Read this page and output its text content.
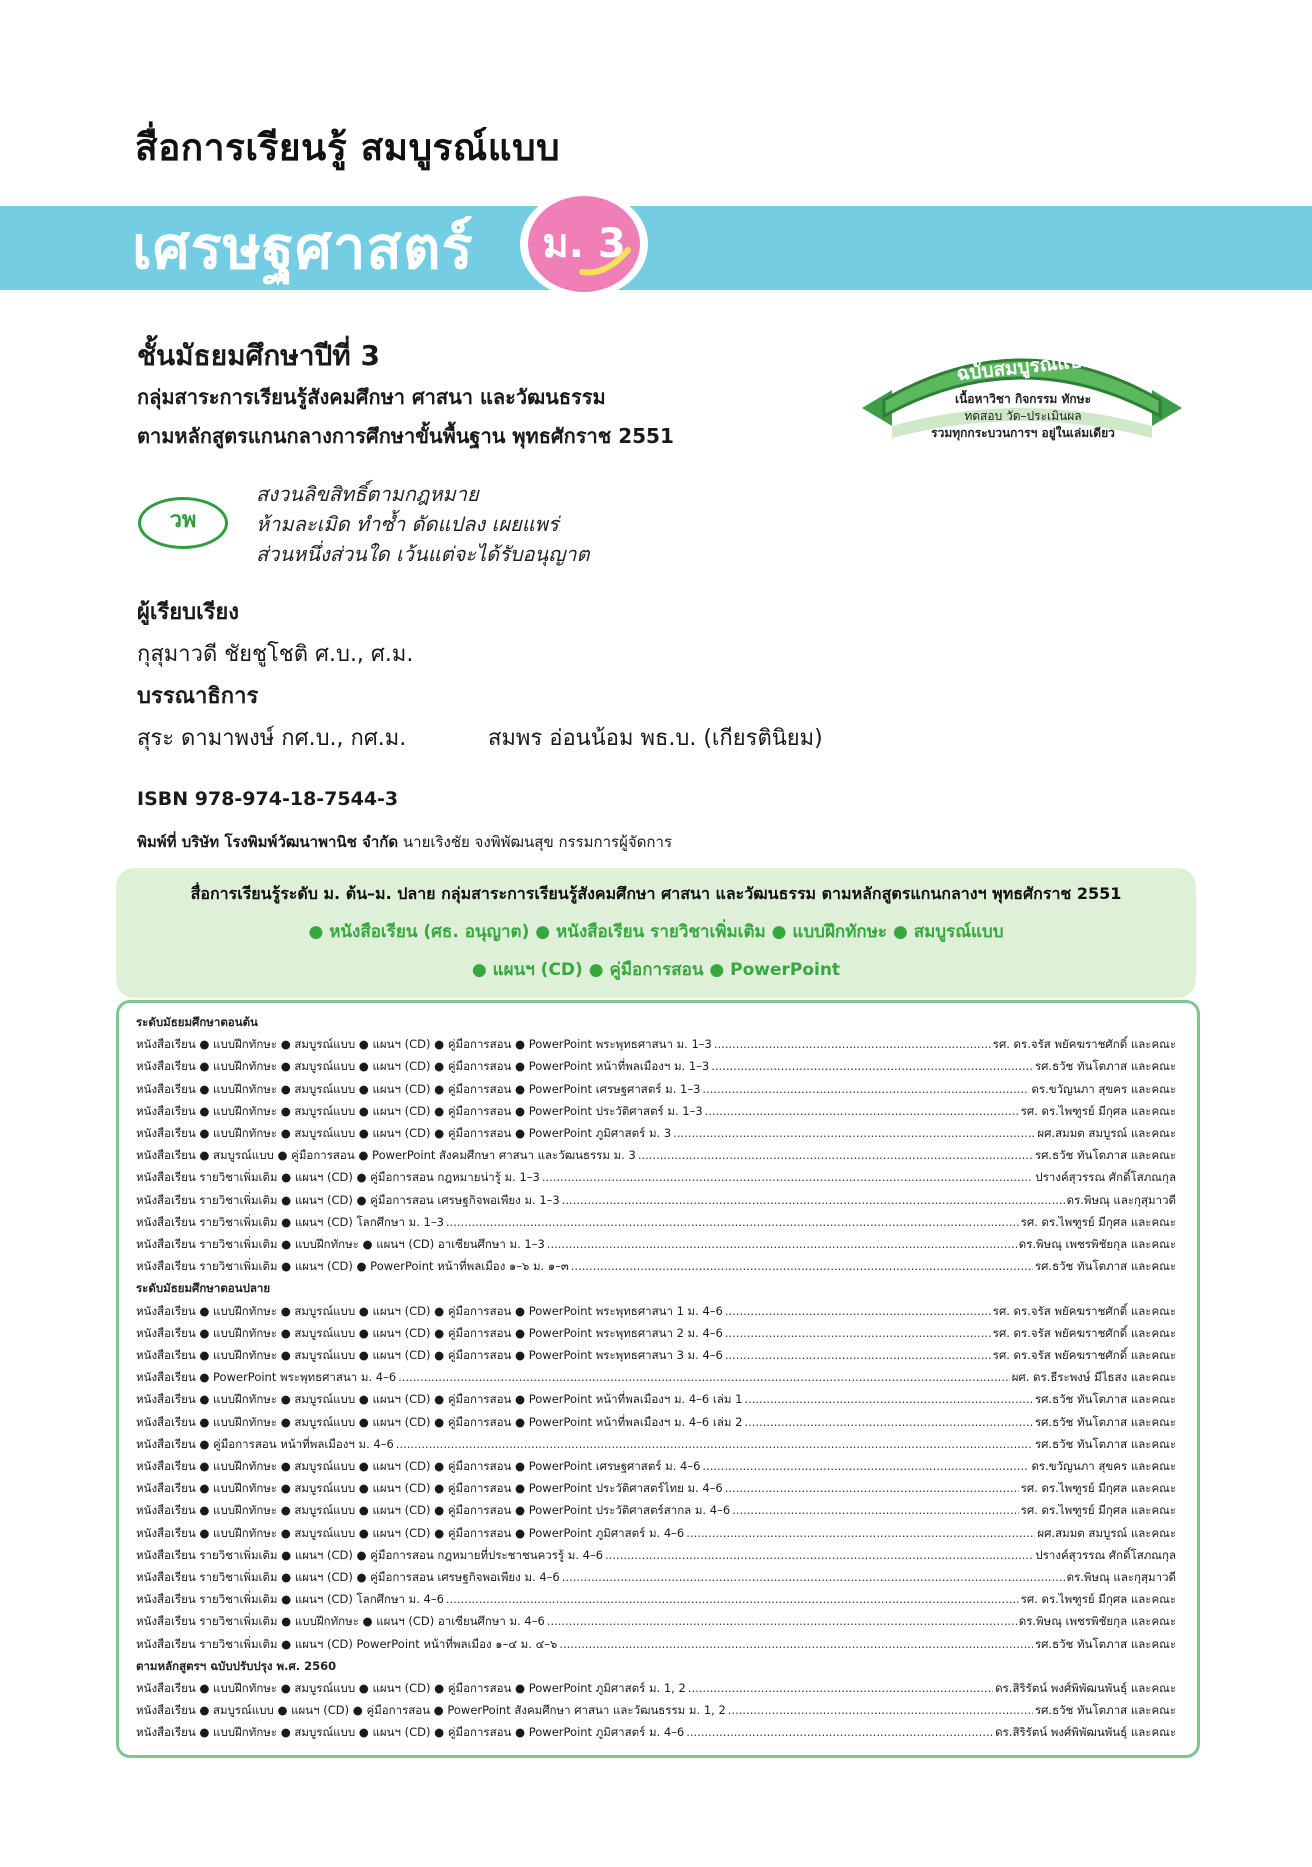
สื่อการเรียนรู้ สมบูรณ์แบบ
เศรษฐศาสตร์	ม. 3
ชั้นมัธยมศึกษาปีที่ 3
กลุ่มสาระการเรียนรู้สังคมศึกษา ศาสนา และวัฒนธรรม
ตามหลักสูตรแกนกลางการศึกษาขั้นพื้นฐาน พุทธศักราช 2551
ฉบับสมบูรณ์แบบ
เนื้อหาวิชา กิจกรรม ทักษะ
ทดสอบ วัด–ประเมินผล
รวมทุกกระบวนการฯ อยู่ในเล่มเดียว
วพ
สงวนลิขสิทธิ์ตามกฎหมาย
ห้ามละเมิด ทำซ้ำ ดัดแปลง เผยแพร่
ส่วนหนึ่งส่วนใด เว้นแต่จะได้รับอนุญาต
ผู้เรียบเรียง
กุสุมาวดี ชัยชูโชติ ศ.บ., ศ.ม.
บรรณาธิการ
สุระ ดามาพงษ์ กศ.บ., กศ.ม.	สมพร อ่อนน้อม พธ.บ. (เกียรตินิยม)
ISBN 978-974-18-7544-3
พิมพ์ที่ บริษัท โรงพิมพ์วัฒนาพานิช จำกัด นายเริงชัย จงพิพัฒนสุข กรรมการผู้จัดการ
สื่อการเรียนรู้ระดับ ม. ต้น–ม. ปลาย กลุ่มสาระการเรียนรู้สังคมศึกษา ศาสนา และวัฒนธรรม ตามหลักสูตรแกนกลางฯ พุทธศักราช 2551
● หนังสือเรียน (ศธ. อนุญาต) ● หนังสือเรียน รายวิชาเพิ่มเติม ● แบบฝึกทักษะ ● สมบูรณ์แบบ
● แผนฯ (CD) ● คู่มือการสอน ● PowerPoint
ระดับมัธยมศึกษาตอนต้น
หนังสือเรียน ● แบบฝึกทักษะ ● สมบูรณ์แบบ ● แผนฯ (CD) ● คู่มือการสอน ● PowerPoint พระพุทธศาสนา ม. 1–3 .....	รศ. ดร.จรัส พยัคฆราชศักดิ์ และคณะ
หนังสือเรียน ● แบบฝึกทักษะ ● สมบูรณ์แบบ ● แผนฯ (CD) ● คู่มือการสอน ● PowerPoint หน้าที่พลเมืองฯ ม. 1–3 .....	รศ.ธวัช ทันโตภาส และคณะ
หนังสือเรียน ● แบบฝึกทักษะ ● สมบูรณ์แบบ ● แผนฯ (CD) ● คู่มือการสอน ● PowerPoint เศรษฐศาสตร์ ม. 1–3 .....	ดร.ขวัญนภา สุขคร และคณะ
หนังสือเรียน ● แบบฝึกทักษะ ● สมบูรณ์แบบ ● แผนฯ (CD) ● คู่มือการสอน ● PowerPoint ประวัติศาสตร์ ม. 1–3 .....	รศ. ดร.ไพฑูรย์ มีกุศล และคณะ
หนังสือเรียน ● แบบฝึกทักษะ ● สมบูรณ์แบบ ● แผนฯ (CD) ● คู่มือการสอน ● PowerPoint ภูมิศาสตร์ ม. 3 .....	ผศ.สมมต สมบูรณ์ และคณะ
หนังสือเรียน ● สมบูรณ์แบบ ● คู่มือการสอน ● PowerPoint สังคมศึกษา ศาสนา และวัฒนธรรม ม. 3 .....	รศ.ธวัช ทันโตภาส และคณะ
หนังสือเรียน รายวิชาเพิ่มเติม ● แผนฯ (CD) ● คู่มือการสอน กฎหมายน่ารู้ ม. 1–3 .....	ปรางค์สุวรรณ ศักดิ์โสภณกุล
หนังสือเรียน รายวิชาเพิ่มเติม ● แผนฯ (CD) ● คู่มือการสอน เศรษฐกิจพอเพียง ม. 1–3 .....	ดร.พิษณุ และกุสุมาวดี
หนังสือเรียน รายวิชาเพิ่มเติม ● แผนฯ (CD) โลกศึกษา ม. 1–3 .....	รศ. ดร.ไพฑูรย์ มีกุศล และคณะ
หนังสือเรียน รายวิชาเพิ่มเติม ● แบบฝึกทักษะ ● แผนฯ (CD) อาเซียนศึกษา ม. 1–3 .....	ดร.พิษณุ เพชรพิชัยกุล และคณะ
หนังสือเรียน รายวิชาเพิ่มเติม ● แผนฯ (CD) ● PowerPoint หน้าที่พลเมือง ๑–๖ ม. ๑–๓ .....	รศ.ธวัช ทันโตภาส และคณะ
ระดับมัธยมศึกษาตอนปลาย
หนังสือเรียน ● แบบฝึกทักษะ ● สมบูรณ์แบบ ● แผนฯ (CD) ● คู่มือการสอน ● PowerPoint พระพุทธศาสนา 1 ม. 4–6 .....	รศ. ดร.จรัส พยัคฆราชศักดิ์ และคณะ
หนังสือเรียน ● แบบฝึกทักษะ ● สมบูรณ์แบบ ● แผนฯ (CD) ● คู่มือการสอน ● PowerPoint พระพุทธศาสนา 2 ม. 4–6 .....	รศ. ดร.จรัส พยัคฆราชศักดิ์ และคณะ
หนังสือเรียน ● แบบฝึกทักษะ ● สมบูรณ์แบบ ● แผนฯ (CD) ● คู่มือการสอน ● PowerPoint พระพุทธศาสนา 3 ม. 4–6 .....	รศ. ดร.จรัส พยัคฆราชศักดิ์ และคณะ
หนังสือเรียน ● PowerPoint พระพุทธศาสนา ม. 4–6 .....	ผศ. ดร.ธีระพงษ์ มีไธสง และคณะ
หนังสือเรียน ● แบบฝึกทักษะ ● สมบูรณ์แบบ ● แผนฯ (CD) ● คู่มือการสอน ● PowerPoint หน้าที่พลเมืองฯ ม. 4–6 เล่ม 1 .....	รศ.ธวัช ทันโตภาส และคณะ
หนังสือเรียน ● แบบฝึกทักษะ ● สมบูรณ์แบบ ● แผนฯ (CD) ● คู่มือการสอน ● PowerPoint หน้าที่พลเมืองฯ ม. 4–6 เล่ม 2 .....	รศ.ธวัช ทันโตภาส และคณะ
หนังสือเรียน ● คู่มือการสอน หน้าที่พลเมืองฯ ม. 4–6 .....	รศ.ธวัช ทันโตภาส และคณะ
หนังสือเรียน ● แบบฝึกทักษะ ● สมบูรณ์แบบ ● แผนฯ (CD) ● คู่มือการสอน ● PowerPoint เศรษฐศาสตร์ ม. 4–6 .....	ดร.ขวัญนภา สุขคร และคณะ
หนังสือเรียน ● แบบฝึกทักษะ ● สมบูรณ์แบบ ● แผนฯ (CD) ● คู่มือการสอน ● PowerPoint ประวัติศาสตร์ไทย ม. 4–6 .....	รศ. ดร.ไพฑูรย์ มีกุศล และคณะ
หนังสือเรียน ● แบบฝึกทักษะ ● สมบูรณ์แบบ ● แผนฯ (CD) ● คู่มือการสอน ● PowerPoint ประวัติศาสตร์สากล ม. 4–6 .....	รศ. ดร.ไพฑูรย์ มีกุศล และคณะ
หนังสือเรียน ● แบบฝึกทักษะ ● สมบูรณ์แบบ ● แผนฯ (CD) ● คู่มือการสอน ● PowerPoint ภูมิศาสตร์ ม. 4–6 .....	ผศ.สมมต สมบูรณ์ และคณะ
หนังสือเรียน รายวิชาเพิ่มเติม ● แผนฯ (CD) ● คู่มือการสอน กฎหมายที่ประชาชนควรรู้ ม. 4–6 .....	ปรางค์สุวรรณ ศักดิ์โสภณกุล
หนังสือเรียน รายวิชาเพิ่มเติม ● แผนฯ (CD) ● คู่มือการสอน เศรษฐกิจพอเพียง ม. 4–6 .....	ดร.พิษณุ และกุสุมาวดี
หนังสือเรียน รายวิชาเพิ่มเติม ● แผนฯ (CD) โลกศึกษา ม. 4–6 .....	รศ. ดร.ไพฑูรย์ มีกุศล และคณะ
หนังสือเรียน รายวิชาเพิ่มเติม ● แบบฝึกทักษะ ● แผนฯ (CD) อาเซียนศึกษา ม. 4–6 .....	ดร.พิษณุ เพชรพิชัยกุล และคณะ
หนังสือเรียน รายวิชาเพิ่มเติม ● แผนฯ (CD) PowerPoint หน้าที่พลเมือง ๑–๔ ม. ๔–๖ .....	รศ.ธวัช ทันโตภาส และคณะ
ตามหลักสูตรฯ ฉบับปรับปรุง พ.ศ. 2560
หนังสือเรียน ● แบบฝึกทักษะ ● สมบูรณ์แบบ ● แผนฯ (CD) ● คู่มือการสอน ● PowerPoint ภูมิศาสตร์ ม. 1, 2 .....	ดร.สิริรัตน์ พงศ์พิพัฒนพันธุ์ และคณะ
หนังสือเรียน ● สมบูรณ์แบบ ● แผนฯ (CD) ● คู่มือการสอน ● PowerPoint สังคมศึกษา ศาสนา และวัฒนธรรม ม. 1, 2 .....	รศ.ธวัช ทันโตภาส และคณะ
หนังสือเรียน ● แบบฝึกทักษะ ● สมบูรณ์แบบ ● แผนฯ (CD) ● คู่มือการสอน ● PowerPoint ภูมิศาสตร์ ม. 4–6 .....	ดร.สิริรัตน์ พงศ์พิพัฒนพันธุ์ และคณะ
